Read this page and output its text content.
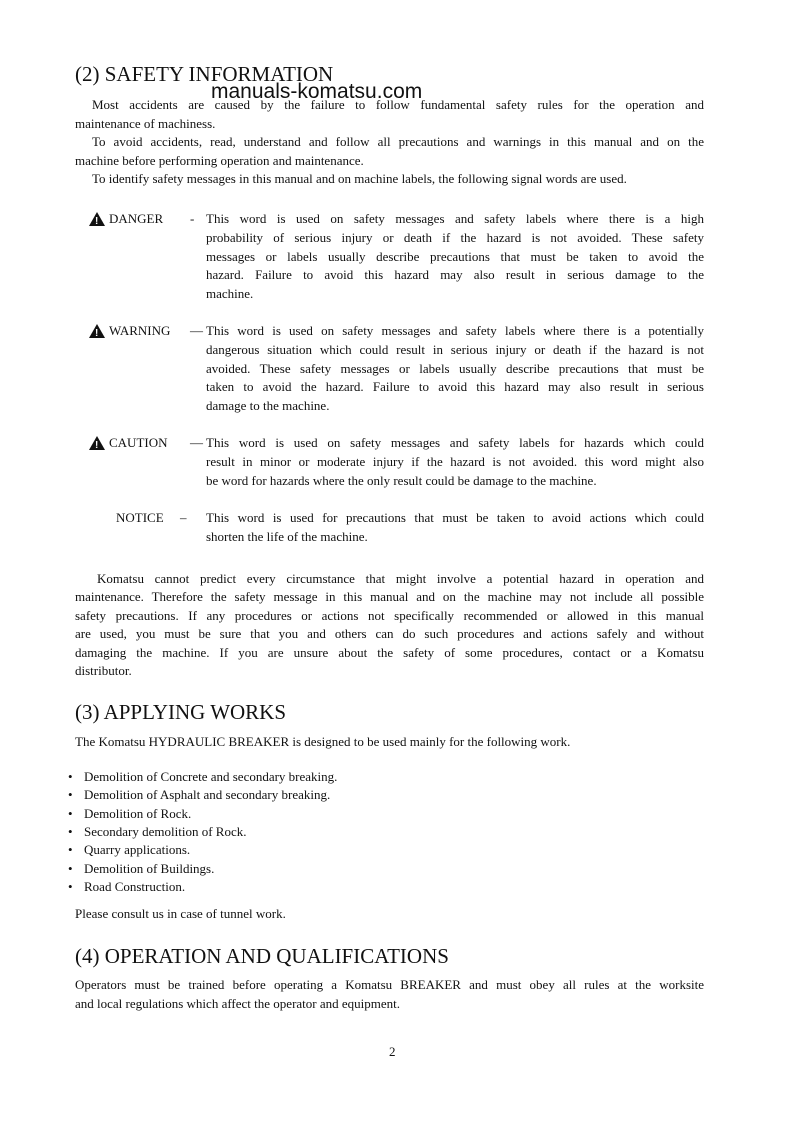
(2) SAFETY INFORMATION
manuals-komatsu.com
Most accidents are caused by the failure to follow fundamental safety rules for the operation and
maintenance of machiness.
To avoid accidents, read, understand and follow all precautions and warnings in this manual and on the
machine before performing operation and maintenance.
To identify safety messages in this manual and on machine labels, the following signal words are used.
!
DANGER - This word is used on safety messages and safety labels where there is a high
probability of serious injury or death if the hazard is not avoided. These safety
messages or labels usually describe precautions that must be taken to avoid the
hazard. Failure to avoid this hazard may also result in serious damage to the
machine.
!
WARNING — This word is used on safety messages and safety labels where there is a potentially
dangerous situation which could result in serious injury or death if the hazard is not
avoided. These safety messages or labels usually describe precautions that must be
taken to avoid the hazard. Failure to avoid this hazard may also result in serious
damage to the machine.
!
CAUTION — This word is used on safety messages and safety labels for hazards which could
result in minor or moderate injury if the hazard is not avoided. this word might also
be word for hazards where the only result could be damage to the machine.
NOTICE – This word is used for precautions that must be taken to avoid actions which could
shorten the life of the machine.
Komatsu cannot predict every circumstance that might involve a potential hazard in operation and
maintenance. Therefore the safety message in this manual and on the machine may not include all possible
safety precautions. If any procedures or actions not specifically recommended or allowed in this manual
are used, you must be sure that you and others can do such procedures and actions safely and without
damaging the machine. If you are unsure about the safety of some procedures, contact or a Komatsu
distributor.
The Komatsu HYDRAULIC BREAKER is designed to be used mainly for the following work.
Demolition of Concrete and secondary breaking.
•
Demolition of Asphalt and secondary breaking.
•
Demolition of Rock.
•
Secondary demolition of Rock.
•
Quarry applications.
•
Demolition of Buildings.
•
Road Construction.
•
Please consult us in case of tunnel work.
Operators must be trained before operating a Komatsu BREAKER and must obey all rules at the worksite
and local regulations which affect the operator and equipment.
(3) APPLYING WORKS
(4) OPERATION AND QUALIFICATIONS
2
